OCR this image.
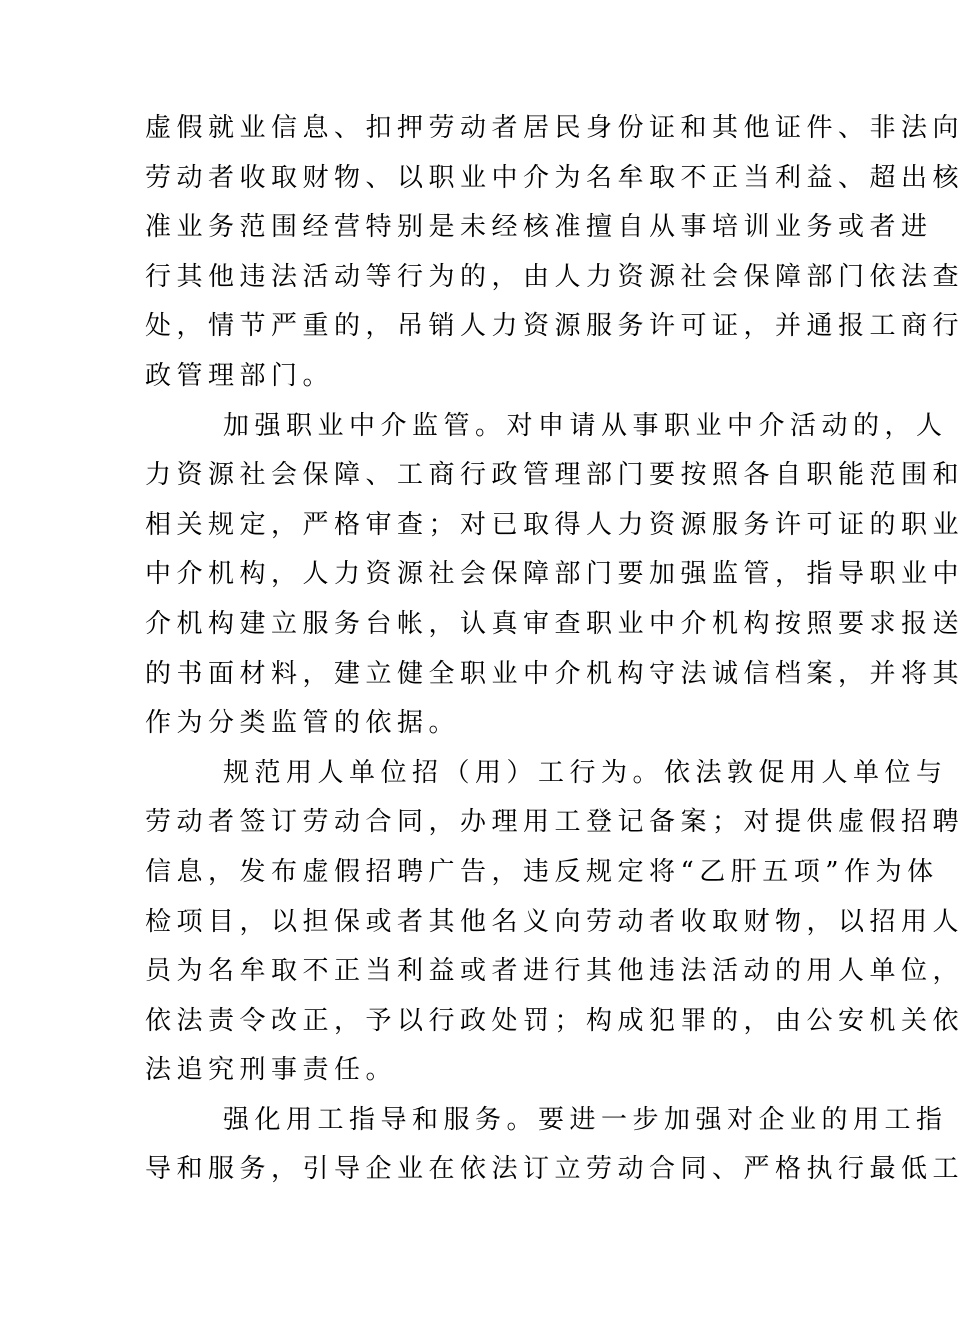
虚假就业信息、扣押劳动者居民身份证和其他证件、非法向
劳动者收取财物、以职业中介为名牟取不正当利益、超出核
准业务范围经营特别是未经核准擅自从事培训业务或者进
行其他违法活动等行为的，由人力资源社会保障部门依法查
处，情节严重的，吊销人力资源服务许可证，并通报工商行
政管理部门。
加强职业中介监管。对申请从事职业中介活动的，人
力资源社会保障、工商行政管理部门要按照各自职能范围和
相关规定，严格审查；对已取得人力资源服务许可证的职业
中介机构，人力资源社会保障部门要加强监管，指导职业中
介机构建立服务台帐，认真审查职业中介机构按照要求报送
的书面材料，建立健全职业中介机构守法诚信档案，并将其
作为分类监管的依据。
规范用人单位招（用）工行为。依法敦促用人单位与
劳动者签订劳动合同，办理用工登记备案；对提供虚假招聘
信息，发布虚假招聘广告，违反规定将“乙肝五项”作为体
检项目，以担保或者其他名义向劳动者收取财物，以招用人
员为名牟取不正当利益或者进行其他违法活动的用人单位，
依法责令改正，予以行政处罚；构成犯罪的，由公安机关依
法追究刑事责任。
强化用工指导和服务。要进一步加强对企业的用工指
导和服务，引导企业在依法订立劳动合同、严格执行最低工
